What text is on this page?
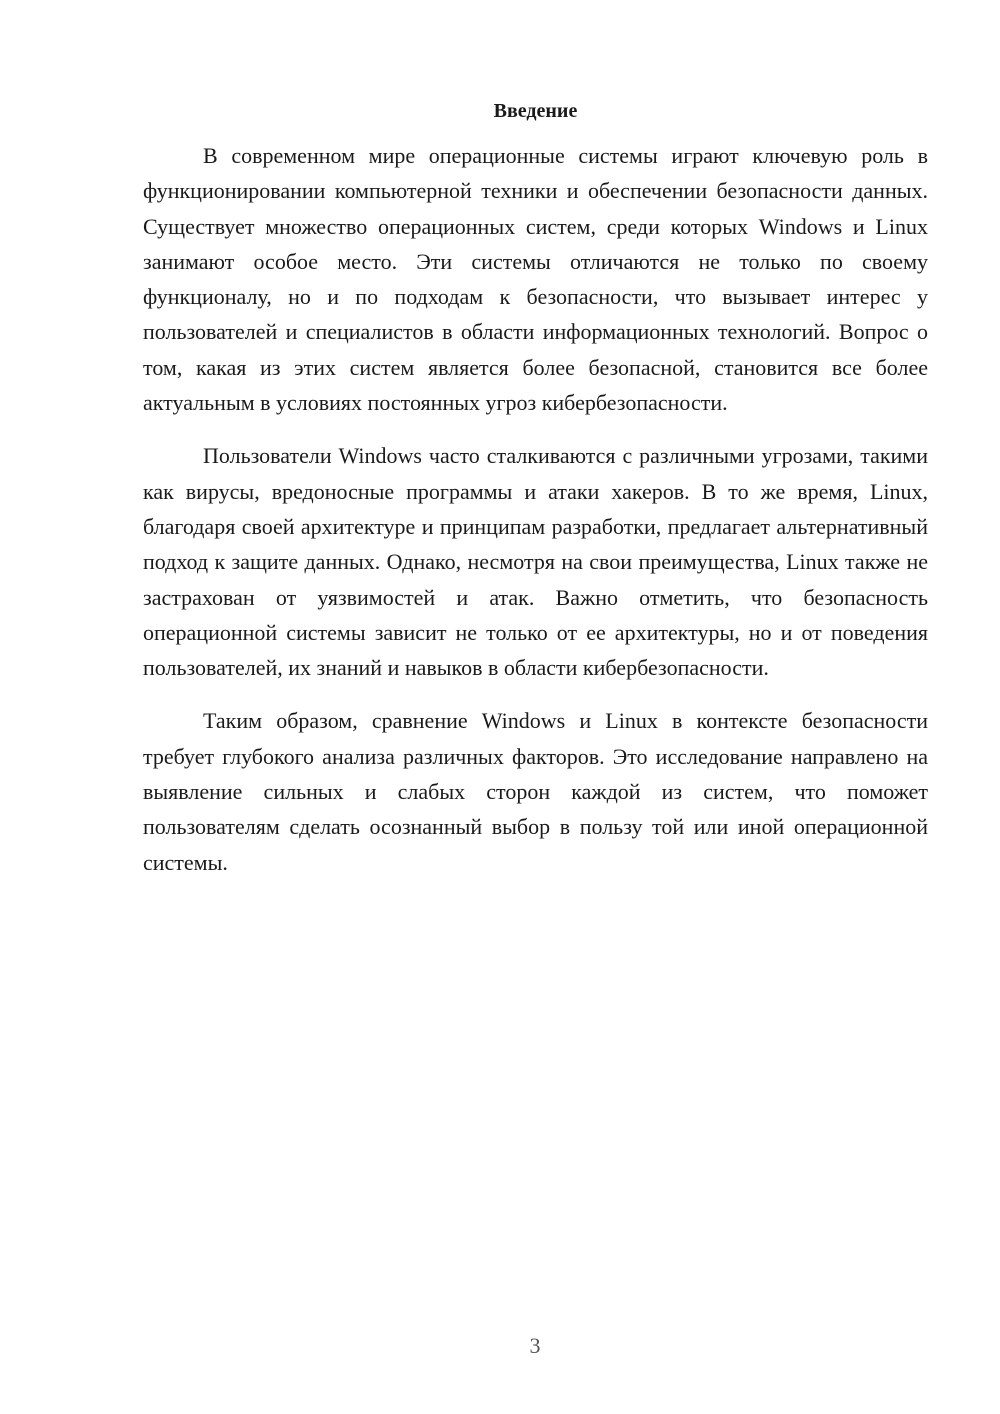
Введение

В современном мире операционные системы играют ключевую роль в функционировании компьютерной техники и обеспечении безопасности данных. Существует множество операционных систем, среди которых Windows и Linux занимают особое место. Эти системы отличаются не только по своему функционалу, но и по подходам к безопасности, что вызывает интерес у пользователей и специалистов в области информационных технологий. Вопрос о том, какая из этих систем является более безопасной, становится все более актуальным в условиях постоянных угроз кибербезопасности.

Пользователи Windows часто сталкиваются с различными угрозами, такими как вирусы, вредоносные программы и атаки хакеров. В то же время, Linux, благодаря своей архитектуре и принципам разработки, предлагает альтернативный подход к защите данных. Однако, несмотря на свои преимущества, Linux также не застрахован от уязвимостей и атак. Важно отметить, что безопасность операционной системы зависит не только от ее архитектуры, но и от поведения пользователей, их знаний и навыков в области кибербезопасности.

Таким образом, сравнение Windows и Linux в контексте безопасности требует глубокого анализа различных факторов. Это исследование направлено на выявление сильных и слабых сторон каждой из систем, что поможет пользователям сделать осознанный выбор в пользу той или иной операционной системы.

3
